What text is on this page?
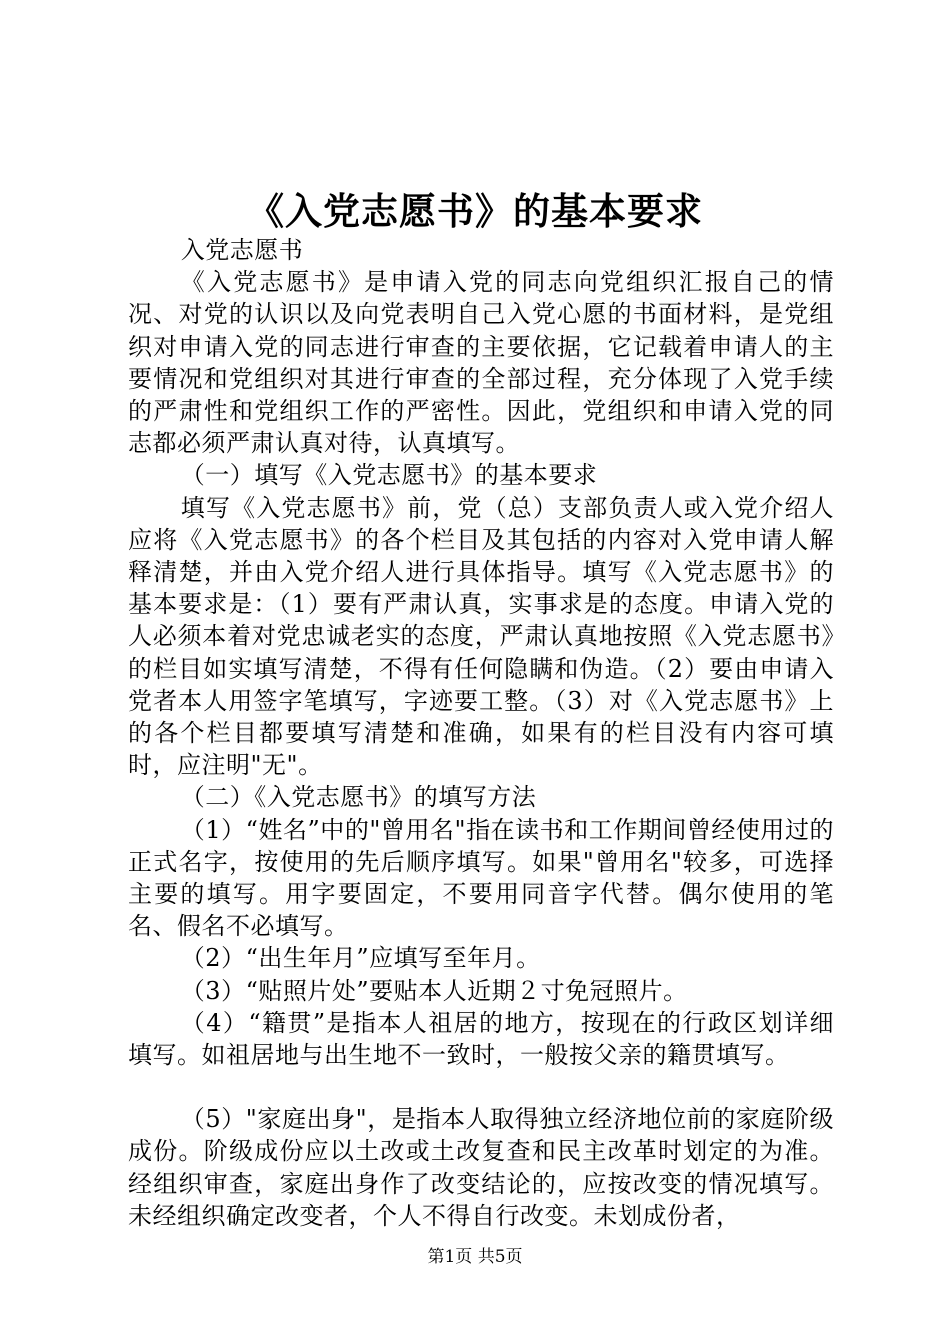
《入党志愿书》的基本要求

入党志愿书

《入党志愿书》是申请入党的同志向党组织汇报自己的情况、对党的认识以及向党表明自己入党心愿的书面材料，是党组织对申请入党的同志进行审查的主要依据，它记载着申请人的主要情况和党组织对其进行审查的全部过程，充分体现了入党手续的严肃性和党组织工作的严密性。因此，党组织和申请入党的同志都必须严肃认真对待，认真填写。

（一）填写《入党志愿书》的基本要求

填写《入党志愿书》前，党（总）支部负责人或入党介绍人应将《入党志愿书》的各个栏目及其包括的内容对入党申请人解释清楚，并由入党介绍人进行具体指导。填写《入党志愿书》的基本要求是：（1）要有严肃认真，实事求是的态度。申请入党的人必须本着对党忠诚老实的态度，严肃认真地按照《入党志愿书》的栏目如实填写清楚，不得有任何隐瞒和伪造。（2）要由申请入党者本人用签字笔填写，字迹要工整。（3）对《入党志愿书》上的各个栏目都要填写清楚和准确，如果有的栏目没有内容可填时，应注明"无"。

（二）《入党志愿书》的填写方法

（1）“姓名”中的"曾用名"指在读书和工作期间曾经使用过的正式名字，按使用的先后顺序填写。如果"曾用名"较多，可选择主要的填写。用字要固定，不要用同音字代替。偶尔使用的笔名、假名不必填写。

（2）“出生年月”应填写至年月。

（3）“贴照片处”要贴本人近期２寸免冠照片。

（4）“籍贯”是指本人祖居的地方，按现在的行政区划详细填写。如祖居地与出生地不一致时，一般按父亲的籍贯填写。

（5）"家庭出身"，是指本人取得独立经济地位前的家庭阶级成份。阶级成份应以土改或土改复查和民主改革时划定的为准。经组织审查，家庭出身作了改变结论的，应按改变的情况填写。未经组织确定改变者，个人不得自行改变。未划成份者，

第1页 共5页
